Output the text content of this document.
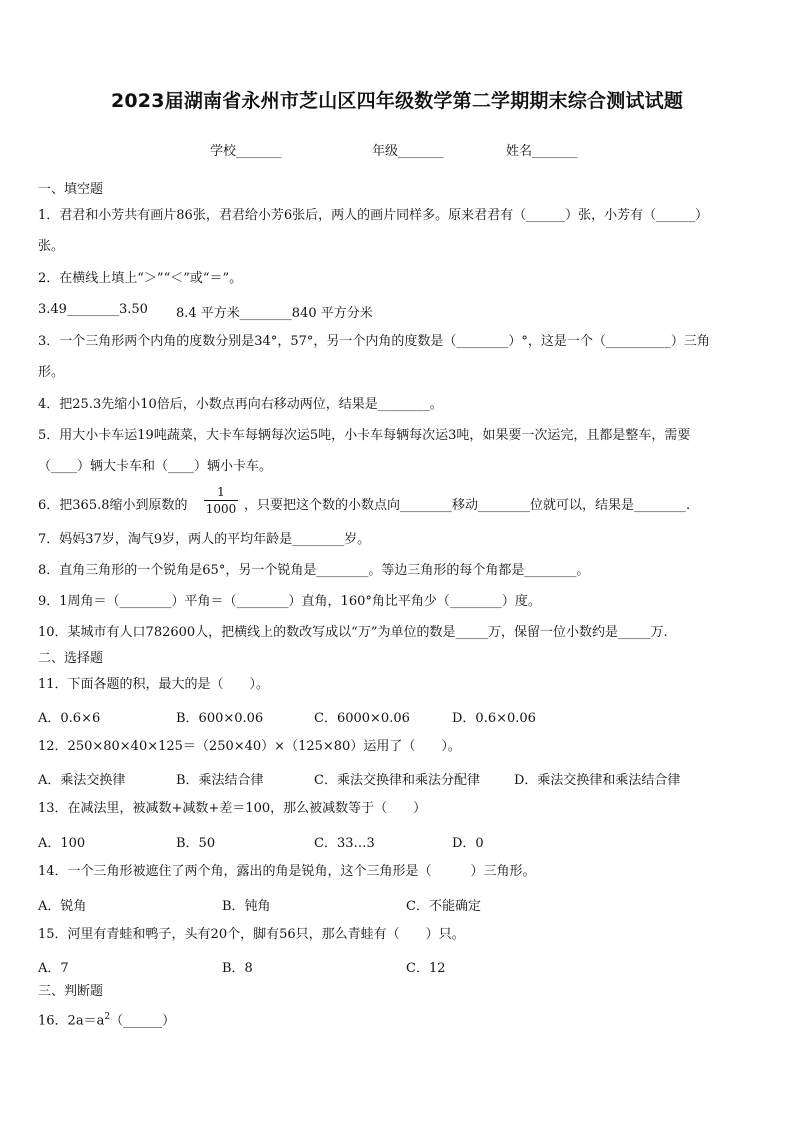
2023届湖南省永州市芝山区四年级数学第二学期期末综合测试试题
学校_______	年级_______	姓名_______
一、填空题
1．君君和小芳共有画片86张，君君给小芳6张后，两人的画片同样多。原来君君有（______）张，小芳有（______）
张。
2．在横线上填上“＞”“＜”或“＝”。
3.49________3.50 8.4 平方米________840 平方分米
3．一个三角形两个内角的度数分别是34°，57°，另一个内角的度数是（________）°，这是一个（__________）三角
形。
4．把25.3先缩小10倍后，小数点再向右移动两位，结果是________。
5．用大小卡车运19吨蔬菜，大卡车每辆每次运5吨，小卡车每辆每次运3吨，如果要一次运完，且都是整车，需要
（____）辆大卡车和（____）辆小卡车。
6．把365.8缩小到原数的
1
1000 ，只要把这个数的小数点向________移动________位就可以，结果是________.
7．妈妈37岁，淘气9岁，两人的平均年龄是________岁。
8．直角三角形的一个锐角是65°，另一个锐角是________。等边三角形的每个角都是________。
9．1周角＝（________）平角＝（________）直角，160°角比平角少（________）度。
10．某城市有人口782600人，把横线上的数改写成以“万”为单位的数是_____万，保留一位小数约是_____万.
二、选择题
11．下面各题的积，最大的是（　　）。
A．0.6×6	B．600×0.06	C．6000×0.06	D．0.6×0.06
12．250×80×40×125＝（250×40）×（125×80）运用了（　　）。
A．乘法交换律	B．乘法结合律	C．乘法交换律和乘法分配律	D．乘法交换律和乘法结合律
13．在减法里，被减数+减数+差＝100，那么被减数等于（　　）
A．100	B．50	C．33…3	D．0
14．一个三角形被遮住了两个角，露出的角是锐角，这个三角形是（　　　）三角形。
A．锐角	B．钝角	C．不能确定
15．河里有青蛙和鸭子，头有20个，脚有56只，那么青蛙有（　　）只。
A．7	B．8	C．12
三、判断题
16．$2a=a^2(\_\_\_\_\_\_)$
